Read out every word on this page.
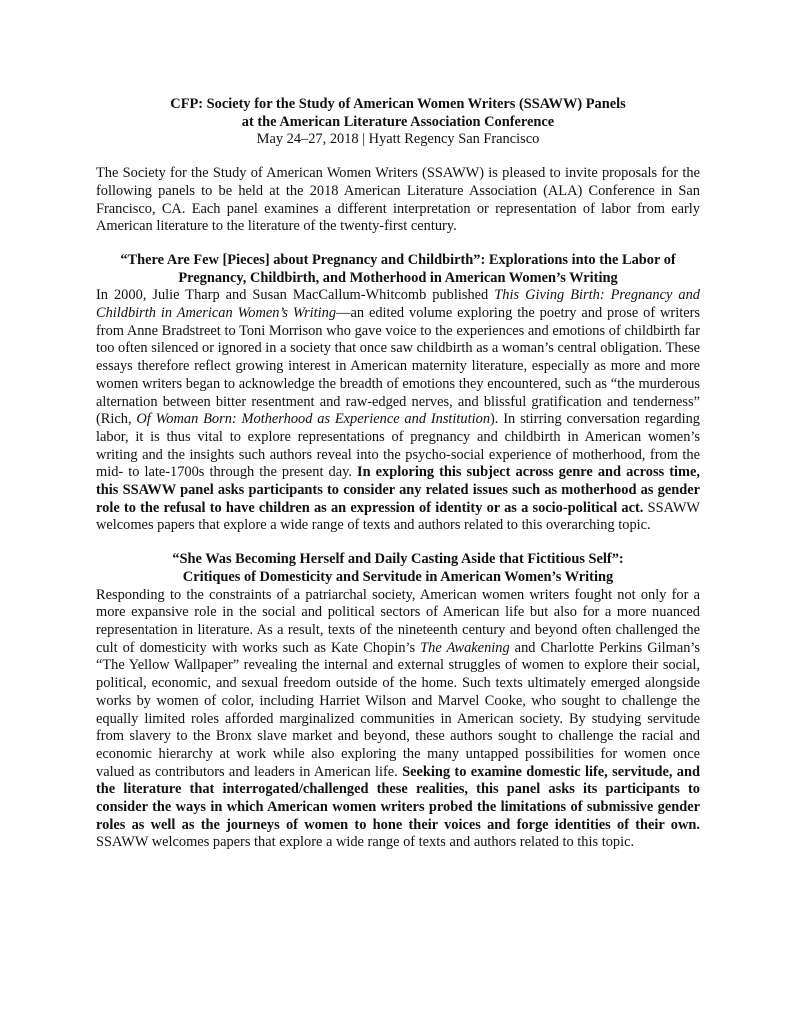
CFP: Society for the Study of American Women Writers (SSAWW) Panels
at the American Literature Association Conference
May 24–27, 2018 | Hyatt Regency San Francisco

The Society for the Study of American Women Writers (SSAWW) is pleased to invite proposals for the following panels to be held at the 2018 American Literature Association (ALA) Conference in San Francisco, CA. Each panel examines a different interpretation or representation of labor from early American literature to the literature of the twenty-first century.

“There Are Few [Pieces] about Pregnancy and Childbirth”: Explorations into the Labor of
Pregnancy, Childbirth, and Motherhood in American Women’s Writing

In 2000, Julie Tharp and Susan MacCallum-Whitcomb published This Giving Birth: Pregnancy and Childbirth in American Women’s Writing—an edited volume exploring the poetry and prose of writers from Anne Bradstreet to Toni Morrison who gave voice to the experiences and emotions of childbirth far too often silenced or ignored in a society that once saw childbirth as a woman’s central obligation. These essays therefore reflect growing interest in American maternity literature, especially as more and more women writers began to acknowledge the breadth of emotions they encountered, such as “the murderous alternation between bitter resentment and raw-edged nerves, and blissful gratification and tenderness” (Rich, Of Woman Born: Motherhood as Experience and Institution). In stirring conversation regarding labor, it is thus vital to explore representations of pregnancy and childbirth in American women’s writing and the insights such authors reveal into the psycho-social experience of motherhood, from the mid- to late-1700s through the present day. In exploring this subject across genre and across time, this SSAWW panel asks participants to consider any related issues such as motherhood as gender role to the refusal to have children as an expression of identity or as a socio-political act. SSAWW welcomes papers that explore a wide range of texts and authors related to this overarching topic.

“She Was Becoming Herself and Daily Casting Aside that Fictitious Self”:
Critiques of Domesticity and Servitude in American Women’s Writing

Responding to the constraints of a patriarchal society, American women writers fought not only for a more expansive role in the social and political sectors of American life but also for a more nuanced representation in literature. As a result, texts of the nineteenth century and beyond often challenged the cult of domesticity with works such as Kate Chopin’s The Awakening and Charlotte Perkins Gilman’s “The Yellow Wallpaper” revealing the internal and external struggles of women to explore their social, political, economic, and sexual freedom outside of the home. Such texts ultimately emerged alongside works by women of color, including Harriet Wilson and Marvel Cooke, who sought to challenge the equally limited roles afforded marginalized communities in American society. By studying servitude from slavery to the Bronx slave market and beyond, these authors sought to challenge the racial and economic hierarchy at work while also exploring the many untapped possibilities for women once valued as contributors and leaders in American life. Seeking to examine domestic life, servitude, and the literature that interrogated/challenged these realities, this panel asks its participants to consider the ways in which American women writers probed the limitations of submissive gender roles as well as the journeys of women to hone their voices and forge identities of their own. SSAWW welcomes papers that explore a wide range of texts and authors related to this topic.
